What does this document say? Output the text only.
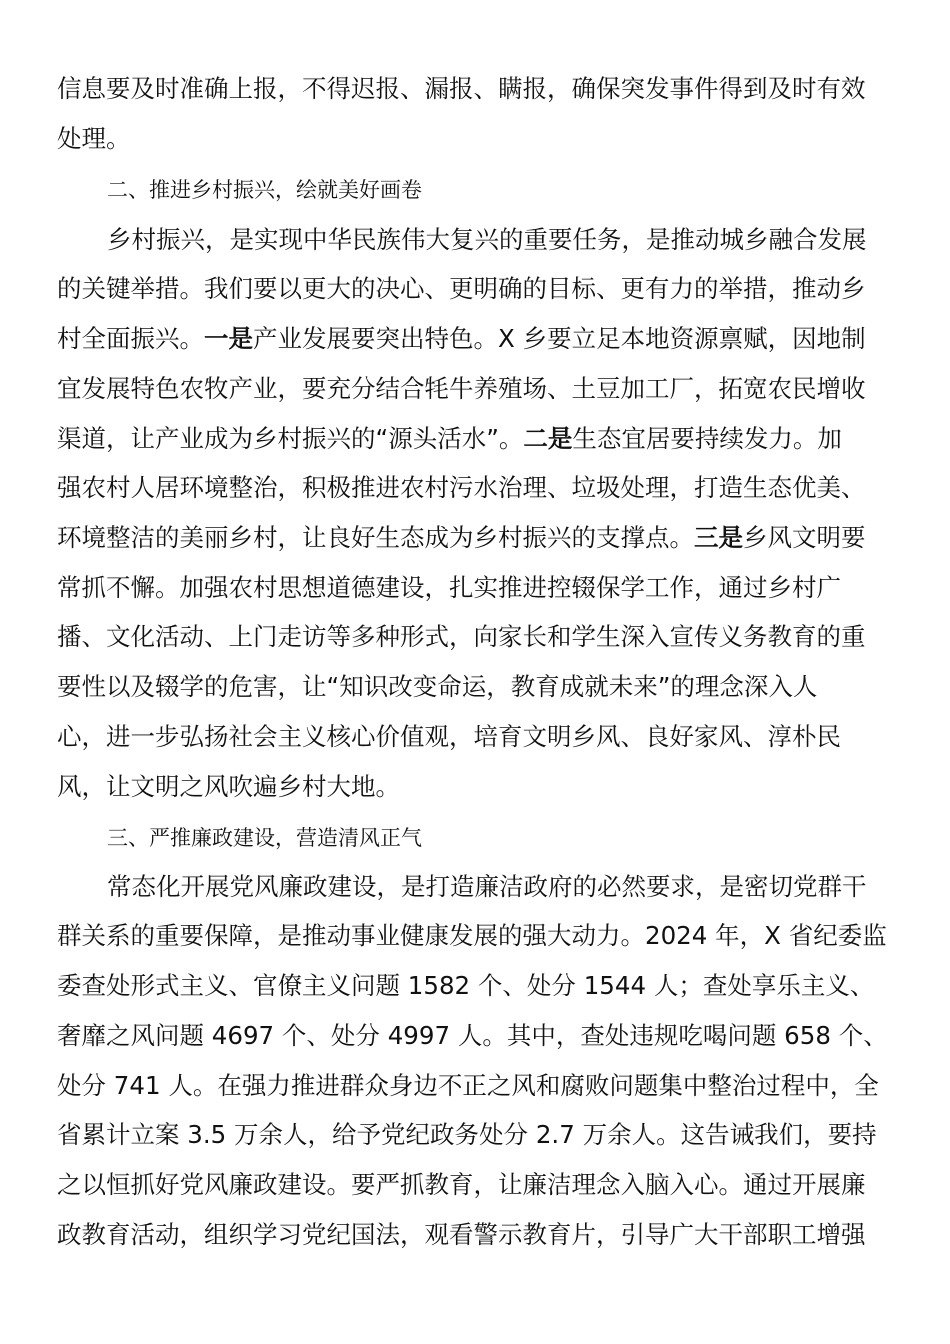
信息要及时准确上报，不得迟报、漏报、瞒报，确保突发事件得到及时有效
处理。
二、推进乡村振兴，绘就美好画卷
乡村振兴，是实现中华民族伟大复兴的重要任务，是推动城乡融合发展
的关键举措。我们要以更大的决心、更明确的目标、更有力的举措，推动乡
村全面振兴。一是产业发展要突出特色。X 乡要立足本地资源禀赋，因地制
宜发展特色农牧产业，要充分结合牦牛养殖场、土豆加工厂，拓宽农民增收
渠道，让产业成为乡村振兴的“源头活水”。二是生态宜居要持续发力。加
强农村人居环境整治，积极推进农村污水治理、垃圾处理，打造生态优美、
环境整洁的美丽乡村，让良好生态成为乡村振兴的支撑点。三是乡风文明要
常抓不懈。加强农村思想道德建设，扎实推进控辍保学工作，通过乡村广
播、文化活动、上门走访等多种形式，向家长和学生深入宣传义务教育的重
要性以及辍学的危害，让“知识改变命运，教育成就未来”的理念深入人
心，进一步弘扬社会主义核心价值观，培育文明乡风、良好家风、淳朴民
风，让文明之风吹遍乡村大地。
三、严推廉政建设，营造清风正气
常态化开展党风廉政建设，是打造廉洁政府的必然要求，是密切党群干
群关系的重要保障，是推动事业健康发展的强大动力。2024 年，X 省纪委监
委查处形式主义、官僚主义问题 1582 个、处分 1544 人；查处享乐主义、
奢靡之风问题 4697 个、处分 4997 人。其中，查处违规吃喝问题 658 个、
处分 741 人。在强力推进群众身边不正之风和腐败问题集中整治过程中，全
省累计立案 3.5 万余人，给予党纪政务处分 2.7 万余人。这告诫我们，要持
之以恒抓好党风廉政建设。要严抓教育，让廉洁理念入脑入心。通过开展廉
政教育活动，组织学习党纪国法，观看警示教育片，引导广大干部职工增强
